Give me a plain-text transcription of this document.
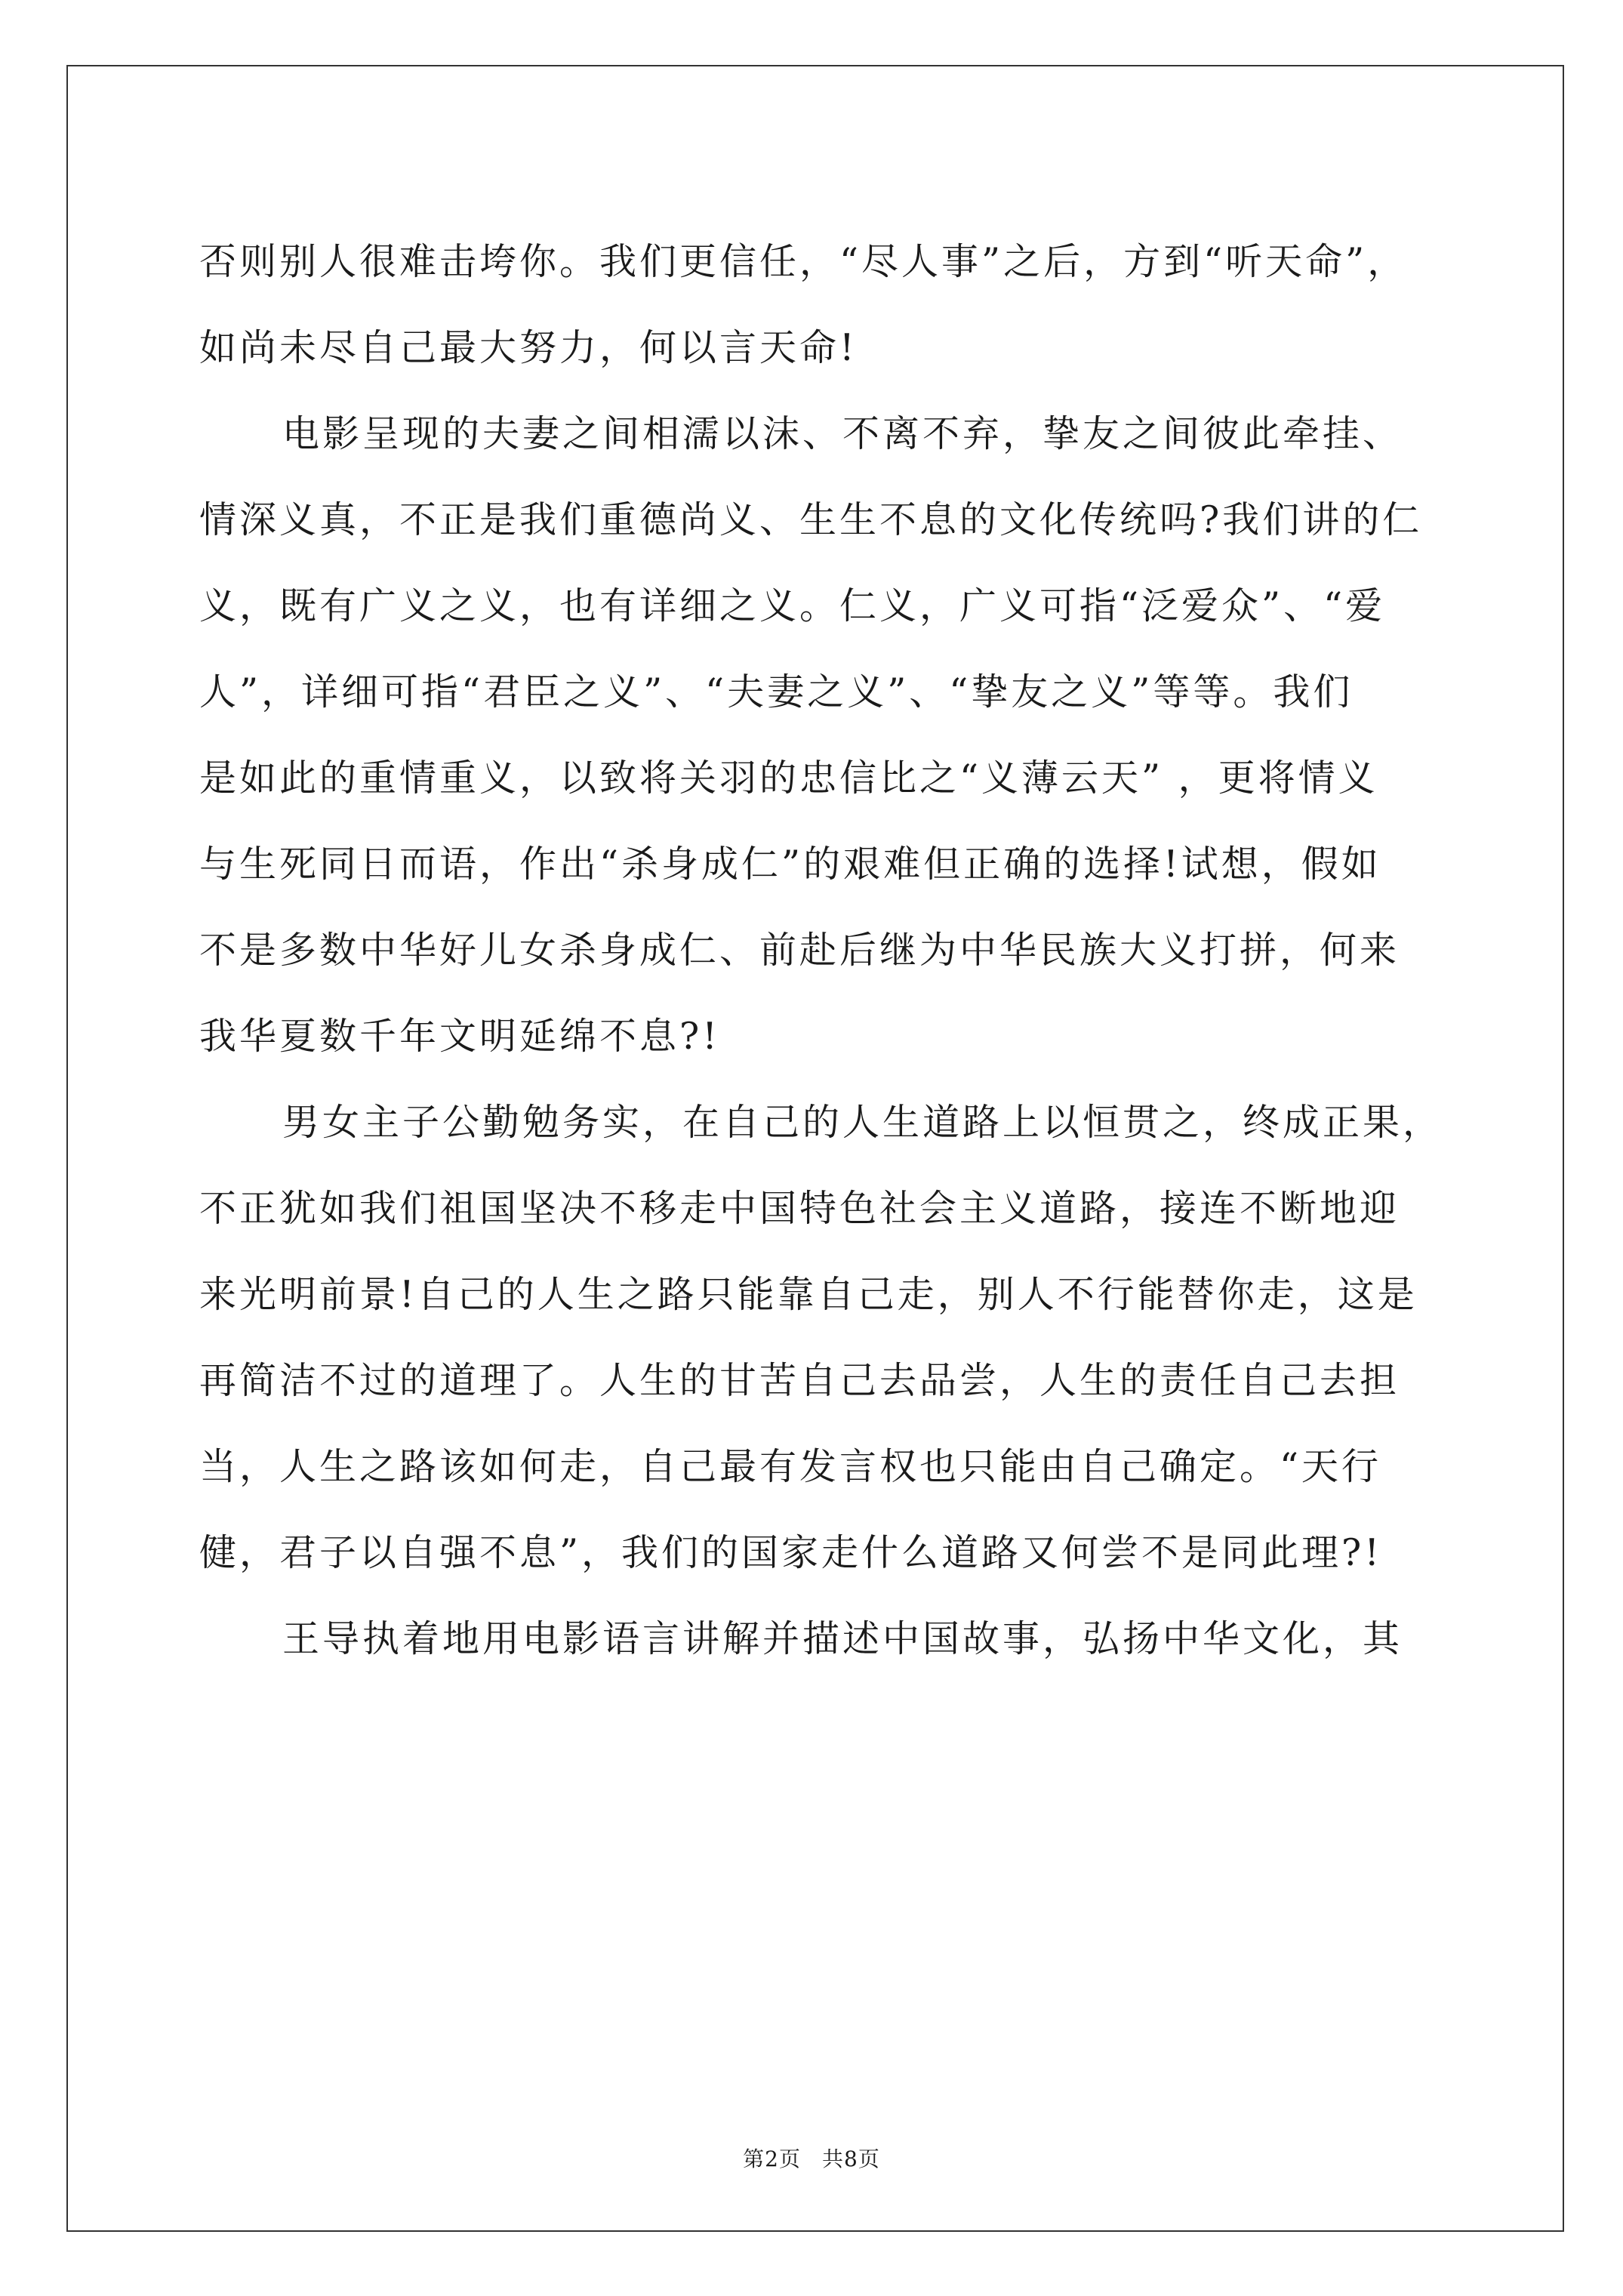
否则别人很难击垮你。我们更信任，“尽人事”之后，方到“听天命”，
如尚未尽自己最大努力，何以言天命!
电影呈现的夫妻之间相濡以沫、不离不弃，挚友之间彼此牵挂、
情深义真，不正是我们重德尚义、生生不息的文化传统吗?我们讲的仁
义，既有广义之义，也有详细之义。仁义，广义可指“泛爱众”、“爱
人”，详细可指“君臣之义”、“夫妻之义”、“挚友之义”等等。我们
是如此的重情重义，以致将关羽的忠信比之“义薄云天” ，更将情义
与生死同日而语，作出“杀身成仁”的艰难但正确的选择!试想，假如
不是多数中华好儿女杀身成仁、前赴后继为中华民族大义打拼，何来
我华夏数千年文明延绵不息?!
男女主子公勤勉务实，在自己的人生道路上以恒贯之，终成正果，
不正犹如我们祖国坚决不移走中国特色社会主义道路，接连不断地迎
来光明前景!自己的人生之路只能靠自己走，别人不行能替你走，这是
再简洁不过的道理了。人生的甘苦自己去品尝，人生的责任自己去担
当，人生之路该如何走，自己最有发言权也只能由自己确定。“天行
健，君子以自强不息”，我们的国家走什么道路又何尝不是同此理?!
王导执着地用电影语言讲解并描述中国故事，弘扬中华文化，其
第2页 共8页
